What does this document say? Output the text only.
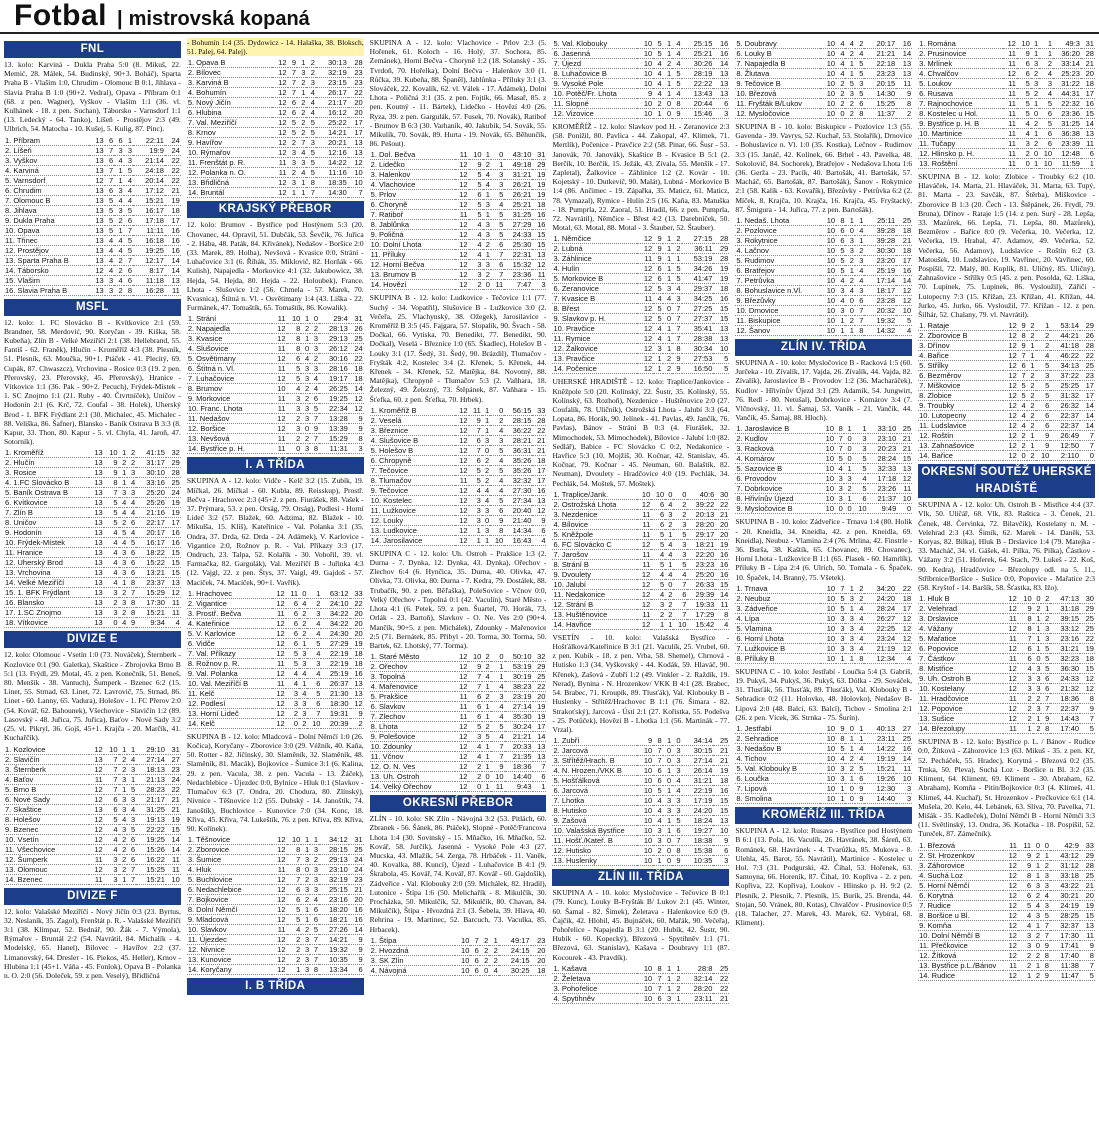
Fotbal | mistrovská kopaná
FNL

13. kolo: Karviná - Dukla Praha 5:0 (8. Mikuš, 22. Memić, 28. Málek, 54. Budinský, 90+3. Boháč), Sparta Praha B - Vlašim 1:0, Chrudim - Olomouc B 0:1, Jihlava - Slavia Praha B 1:0 (90+2. Vedral), Opava - Příbram 0:1 (68. z pen. Wagner), Vyškov - Vlašim 1:1 (36. vl. Kulhánek - 18. z pen. Suchan), Táborsko - Varnsdorf 1:1 (13. Ledecký - 64. Tanko), Líšeň - Prostějov 2:3 (49. Ulbrich, 54. Matocha - 10. Kušej, 5. Kulig, 87. Pinc).

1. Příbram	13	6	6	1	22:11	24
2. Líšeň	13	7	3	3	19:9	24
3. Vyškov	13	6	4	3	21:14	22
4. Karviná	13	7	1	5	24:18	22
5. Varnsdorf	12	7	1	4	20:14	22
6. Chrudim	13	6	3	4	17:12	21
7. Olomouc B	13	5	4	4	15:21	19
8. Jihlava	13	5	3	5	16:17	18
9. Dukla Praha	13	5	2	6	17:18	17
10. Opava	13	5	1	7	11:11	16
11. Třinec	13	4	4	5	16:18	16
12. Prostějov	13	4	4	5	19:25	16
13. Sparta Praha B	13	4	2	7	12:17	14
14. Táborsko	12	4	2	6	8:17	14
15. Vlašim	13	3	4	6	11:18	13
16. Slavia Praha B	13	3	2	8	16:28	11
MSFL

12. kolo: 1. FC Slovácko B - Kvítkovice 2:1 (59. Brandner, 58. Merdović, 90. Koryčan - 39. Kiška, 58. Kubeňa), Zlín B - Velké Meziříčí 2:1 (38. Hellebrand, 55. Fantiš - 62. Franěk), Hlučín - Kroměříž 4:3 (38. Plesník, 51. Plesník, 63. Moučka, 90+1. Ptáček - 41. Plecitý, 69. Cupák, 87. Chwaszcz), Vrchovina - Rosice 0:3 (19. 2 pen. Přerovský, 23. Přerovský, 45. Přerovský), Hranice - Vítkovice 1:1 (36. Pak - 90+2. Pecuch), Frýdek-Místek - 1. SC Znojmo 1:1 (21. Ruby - 40. Čtvrtníček), Uničov - Hodonín 2:1 (6. Krč, 72. Coufal - 38. Holek), Uherský Brod - 1. BFK Frýdlant 2:1 (30. Michalec, 45. Michalec - 88. Veliška, 86. Šafner), Blansko - Baník Ostrava B 3:3 (8. Kapur, 33. Thon, 80. Kapur - 5. vl. Chyla, 41. Jaroň, 47. Sotorník).

1. Kroměříž	13	10	1	2	41:15	32
2. Hlučín	13	9	2	2	31:17	29
3. Rosice	13	9	1	3	30:10	28
4. 1.FC Slovácko B	13	8	1	4	33:16	25
5. Baník Ostrava B	13	7	3	3	25:20	24
6. Kvítkovice	13	5	4	4	25:26	19
7. Zlín B	13	5	4	4	21:16	19
8. Uničov	13	5	2	6	22:17	17
9. Hodonín	13	4	5	4	20:17	16
10. Frýdek-Místek	13	4	4	5	16:17	16
11. Hranice	13	4	3	6	18:22	15
12. Uherský Brod	13	4	3	6	15:22	15
13. Vrchovina	13	4	3	6	13:21	15
14. Velké Meziříčí	13	4	1	8	23:37	13
15. 1. BFK Frýdlant	13	3	2	7	15:29	12
16. Blansko	13	2	3	8	17:30	11
17. 1.SC Znojmo	13	3	2	8	15:21	11
18. Vítkovice	13	0	4	9	9:34	4
DIVIZE E

12. kolo: Olomouc - Vsetín 1:0 (73. Nováček), Šternberk - Kozlovice 0:1 (90. Galetka), Skaštice - Zbrojovka Brno B 5:1 (13. Frýdl, 29. Motal, 45. z pen. Konečník, 51. Beneš, 80. Menšík - 38. Vantuch), Šumperk - Bzenec 6:2 (15. Linet, 55. Strnad, 63. Linet, 72. Lavrovič, 75. Strnad, 86. Linet - 60. Lanny, 65. Vadura), Holešov - 1. FC Přerov 2:0 (54. Kovář, 62. Bahounek), Všechovice - Slavičín 1:2 (89. Lasovský - 48. Juřica, 75. Juřica), Baťov - Nové Sady 3:2 (25. vl. Pikryl, 36. Gojš, 45+1. Krajča - 20. Marčík, 41. Kuchařčík).

1. Kozlovice	12	10	1	1	29:10	31
2. Slavičín	13	7	2	4	27:14	27
3. Šternberk	12	7	2	3	18:13	23
4. Baťov	11	7	3	1	21:13	24
5. Brno B	12	7	1	5	28:23	22
6. Nové Sady	12	6	3	3	21:17	21
7. Skaštice	13	6	3	4	31:25	21
8. Holešov	12	5	4	3	19:13	19
9. Bzenec	12	4	3	5	22:22	15
10. Vsetín	12	4	2	6	19:25	14
11. Všechovice	12	4	2	6	15:26	14
12. Šumperk	11	3	2	6	16:22	11
13. Olomouc	12	3	2	7	15:25	11
14. Bzenec	11	3	1	7	15:21	10
DIVIZE F

12. kolo: Valašské Meziříčí - Nový Jičín 0:3 (23. Byrtus, 32. Neslaník, 35. Zagol), Frenštát p. R. - Valašské Meziříčí 3:1 (38. Klimpar, 52. Bednář, 90. Žák - 7. Výmola), Rýmařov - Bruntál 2:2 (54. Navrátil, 84. Michalík - 4. Modelský, 65. Hanel), Bílovec - Havířov 2:2 (37. Limanovský, 64. Dresler - 16. Piekos, 45. Heller), Krnov - Hlubina 1:1 (45+1. Váňa - 45. Fonlok), Opava B - Polanka n. O. 2:0 (56. Doleček, 59. z pen. Veselý), Břidličná

- Bohumín 1:4 (35. Dydowicz - 14. Halaška, 38. Bloksch, 51. Palej, 64. Palej).

1. Opava B	12	9	1	2	30:13	28
2. Bílovec	12	7	3	2	32:19	23
3. Karviná B	12	7	2	3	23:15	23
4. Bohumín	12	7	1	4	26:17	22
5. Nový Jičín	12	6	2	4	21:17	20
6. Hlubina	12	6	2	4	16:12	20
7. Val. Meziříčí	12	5	2	5	25:22	17
8. Krnov	12	5	2	5	14:21	17
9. Havířov	12	2	7	3	20:21	13
10. Rýmařov	12	3	4	5	12:16	13
11. Frenštát p. R.	11	3	3	5	14:22	12
12. Polanka n. O.	11	2	4	5	11:16	10
13. Břidličná	12	3	1	8	18:35	10
14. Bruntál	12	1	1	7	14:30	7
KRAJSKÝ PŘEBOR

12. kolo: Brumov - Bystřice pod Hostýnem 5:3 (20. Chovanec, 44. Opravil, 51. Dubčák, 53. Ševčík, 76. Juřica - 2. Hába, 48. Paták, 84. Křivánek), Nedašov - Boršice 2:0 (33. Marek, 89. Holba), Nevšová - Kvasice 0:0, Strání - Luhačovice 3:1 (6. Říhák, 35. Miklovič, 82. Horňák - 66. Kulish), Napajedla - Morkovice 4:1 (32. Jakubowicz, 38. Hejda, 54. Hejda, 80. Hejda - 22. Holoubek), France. Lhota - Slušovice 1:2 (56. Chmela - 57. Marek, 70. Kvasnica), Štítná n. Vl. - Osvětimany 1:4 (43. Liška - 22. Furmánek, 47. Tomaštík, 65. Tomaštík, 86. Kowalik).

1. Strání	11	10	1	0	29:4	31
2. Napajedla	12	8	2	2	28:13	26
3. Kvasice	12	8	1	3	29:13	25
4. Slušovice	11	8	0	3	26:12	24
5. Osvětimany	12	6	4	2	30:16	22
6. Štítná n. Vl.	11	5	3	3	28:16	18
7. Luhačovice	12	5	3	4	19:17	18
8. Brumov	10	4	2	4	26:25	14
9. Morkovice	11	3	2	6	19:25	12
10. Franc. Lhota	11	3	3	5	22:34	12
11. Nedašov	12	2	3	7	13:28	9
12. Boršice	12	3	0	9	13:39	9
13. Nevšová	11	2	2	7	15:29	8
14. Bystřice p. H.	11	0	3	8	11:31	3
I. A TŘÍDA

SKUPINA A - 12. kolo: Vidče - Kelč 3:2 (15. Zubík, 19. Míčkal, 26. Míčkal - 60. Kubla, 89. Reisskup), Prostř. Bečva - Hrachovec 2:3 (45+2. z pen. Fiurášek, 88. Vašek - 37. Prýmara, 53. z pen. Orság, 79. Orság), Podlesí - Horní Lideč 3:2 (57. Blažek, 60. Adzima, 82. Blažek - 10. Mikulša, 15. Klíš), Kateřinice - Val. Polanka 3:1 (35. Ondra, 37. Drda, 62. Drda - 24. Adámek), V. Karlovice - Vigantice 2:0, Rožnov p. R. - Val. Příkazy 3:3 (17. Ondruch, 23. Talpa, 52. Kolařík - 30. Vobořil, 39. vl. Farmačka, 82. Gargulák), Val. Meziříčí B - Juřinka 4:3 (12. Vajgl, 22. z pen. Štys, 37. Vaigl, 49. Gajdoš - 57. Macíček, 74. Macíček, 90+1. Vavřík).

1. Hrachovec	12	11	0	1	63:12	33
2. Vigantice	12	6	4	2	24:10	22
3. Prostř. Bečva	11	6	2	3	34:22	20
4. Kateřinice	12	6	2	4	34:22	20
5. V. Karlovice	12	6	2	4	24:30	20
6. Vidče	12	6	1	5	27:29	19
7. Val. Příkazy	12	5	3	4	22:19	18
8. Rožnov p. R.	11	5	3	3	22:19	18
9. Val. Polanka	12	4	4	4	25:19	16
10. Val. Meziříčí B	11	4	1	6	26:37	13
11. Kelč	12	3	4	5	21:30	13
12. Podlesí	12	3	3	6	18:30	12
13. Horní Lideč	12	2	3	7	19:31	9
14. Kelč	12	0	2	10	20:39	2

SKUPINA B - 12. kolo: Mladcová - Dolní Němčí 1:0 (26. Kočica), Koryčany - Zborovice 3:0 (29. Véžník, 40. Kaňa, 50. Rotter - 82. Jičínský, 30. Slaměník, 32. Slaměník, 48. Slaměník, 81. Macák), Bojkovice - Šumice 3:1 (6. Kalina, 29. z pen. Vacula, 38. z pen. Vacula - 13. Žáček), Nedachlebice - Újezdec 0:0, Bylnice - Hluk 0:1 (Slavkov - Tlumačov 6:3 (7. Ondra, 20. Chodura, 80. Zlínský), Nivnice - Těšnovice 1:2 (55. Dubský - 14. Janoštík, 74. Janoštík), Buchlovice - Kunovice 7:0 (34. Konc, 18. Křiva, 45. Křiva, 74. Lukeštík, 76. z pen. Křiva, 89. Křiva, 90. Kořínek).

1. Těšnovice	12	10	1	1	34:12	31
2. Zborovice	12	8	1	3	28:15	25
3. Šumice	12	7	3	2	29:13	24
4. Hluk	11	8	0	3	23:10	24
5. Buchlovice	12	7	2	3	32:19	23
6. Nedachlebice	12	6	3	3	25:15	21
7. Bojkovice	12	6	2	4	23:16	20
8. Dolní Němčí	12	5	1	6	18:20	16
9. Mladcová	12	5	1	6	18:21	16
10. Slavkov	11	4	2	5	27:26	14
11. Újezdec	12	2	3	7	14:21	9
12. Nivnice	12	2	3	7	19:32	9
13. Kunovice	12	2	3	7	10:35	9
14. Koryčany	12	1	3	8	13:34	6
I. B TŘÍDA

SKUPINA A - 12. kolo: Vlachovice - Prlov 2:3 (5. Hořenek, 61. Koloch - 16. Holý, 37. Sochora, 85. Zemánek), Horní Bečva - Choryně 1:2 (18. Solanský - 35. Tvrdoň, 70. Hořelka), Dolní Bečva - Halenkov 3:0 (1. Růčka, 39. Kubeňa, 88. Španěl), Jablůnka - Příluky 3:1 (3. Slováček, 22. Kovalík, 62. vl. Válek - 17. Adámek), Dolní Lhota - Poličná 3:1 (35. z pen. Fojtík, 66. Masař, 85. z pen. Koutný - 11. Bártek), Lidečko - Hovězí 4:0 (26. Ryza, 39. z pen. Gargulák, 57. Fusek, 70. Novák), Ratiboř - Brumov B 6:3 (30. Varhaník, 40. Jakubík, 54. Sovák, 55. Mikulík, 70. Sovák, 89. Hurta - 19. Novák, 65. Běhunčík, 86. Pešout).

1. Dol. Bečva	11	10	1	0	43:10	31
2. Lidečko	12	9	2	1	49:18	29
3. Halenkov	12	5	4	3	31:21	19
4. Vlachovice	12	5	4	3	26:21	19
5. Prlov	12	6	1	5	26:21	19
6. Choryně	12	5	3	4	25:21	18
7. Ratiboř	11	5	1	5	31:25	16
8. Jablůnka	12	4	3	5	27:29	16
9. Poličná	12	4	3	5	24:33	15
10. Dolní Lhota	12	4	2	6	25:30	15
11. Příluky	12	4	1	7	22:31	13
12. Horní Bečva	12	3	3	6	15:32	12
13. Brumov B	12	3	2	7	23:36	11
14. Hovězí	12	2	0	11	7:47	3

SKUPINA B - 12. kolo: Ludkovice - Tečovice 1:1 (77. Suchý - 34. Vopatřil), Slušovice B - Lužkovice 3:0 (2. Večeřa, 25. Vlachynský, 38. Ožegek), Jarosilavice - Kroměříž B 3:5 (45. Fajgara, 57. Slopalík, 90. Švach - 58. Dočkal, 66. Vytiska, 70. Benedikt, 77. Benedikt, 90. Dočkal), Veselá - Březnice 1:0 (65. Škadlec), Holešov B - Louky 3:1 (17. Šedý, 31. Šedý, 90. Brázdil), Tlumačov - Fryšták 4:2, Kostelec 3:4 (2. Křenek, 5. Křenek, 44. Křenek - 34. Křenek, 52. Matějka, 84. Novotný, 88. Matějka), Chropyně - Tlumačov 5:3 (2. Vaňhara, 18. Železný, 49. Železný, 73. Štěpánek, 87. Vaňhara - 15. Šťefka, 60. z pen. Šťefka, 70. Hrbek).

1. Kroměříž B	12	11	1	0	56:15	33
2. Veselá	12	9	1	2	28:15	28
3. Březnice	12	7	1	4	36:22	22
4. Slušovice B	12	6	3	3	28:21	21
5. Holešov B	12	7	0	5	36:31	21
6. Chropyně	12	6	2	4	35:26	18
7. Tečovice	12	5	2	5	35:26	17
8. Tlumačov	11	5	2	4	32:32	17
9. Tečovice	12	4	4	4	27:30	16
10. Kostelec	12	3	4	5	27:34	13
11. Lužkovice	12	3	3	6	20:40	12
12. Louky	12	3	0	9	21:40	9
13. Ludkovice	12	1	3	8	14:34	6
14. Jarosilavice	12	1	1	10	16:43	4

SKUPINA C - 12. kolo: Uh. Ostroh - Prakšice 1:3 (2. Durna - 7. Dynka, 12. Dynka, 43. Dynka), Ořechov - Zlechov 6:4 (6. Hynčica, 35. Durna, 40. Olivka, 47. Olivka, 73. Olivka, 80. Durna - 7. Kedra, 79. Dostálek, 88. Trubačík, 90. z pen. Běľaška), PoleSovice - Včnov 0:0, Velký Ořechov - Topolná 0:1 (42. Vaculín), Staré Město - Lhota 4:1 (6. Petek, 59. z pen. Šuartel, 70. Horák, 73. Orlák - 23. Bartoň), Slavkov - O. Ne. Ves 2:0 (90+4. Mančík, 90+5. z pen. Michálek), Zdounky - Mařenovice 2:5 (71. Bernátek, 85. Přibyl - 20. Torma, 30. Torma, 50. Bartek, 62. Lhotský, 77. Torma).

1. Staré Město	12	10	2	0	50:10	32
2. Ořechov	12	9	2	1	53:19	29
3. Topolná	12	7	4	1	30:19	25
4. Mařenovice	12	7	1	4	38:23	22
5. Prakšice	11	6	2	3	23:19	20
6. Slavkov	11	6	1	4	27:14	19
7. Zlechov	11	6	1	4	35:30	19
8. Lhota	12	5	2	5	30:24	17
9. Polešovice	12	3	5	4	21:21	14
10. Zdounky	12	4	1	7	20:33	13
11. Včnov	12	4	1	7	21:35	13
12. O. N. Ves	12	2	1	9	18:36	7
13. Uh. Ostroh	12	2	0	10	14:40	6
14. Velký Ořechov	12	0	1	11	9:43	1
OKRESNÍ PŘEBOR

ZLÍN - 10. kolo: SK Zlín - Návojná 3:2 (53. Pitlách, 60. Zbranek - 56. Šánek, 86. Ptáček), Slopné - Potěč/Francova Lhota 1:4 (30. Sovinský - 15. Mňačko, 16. Mňačko, 52. Kovář, 58. Jurčík), Jasenná - Vysoké Pole 4:3 (27. Mucska, 43. Mlažík, 54. Zerga, 78. Hrbáček - 11. Vaněk, 40. Kovalka, 88. Kuncí), Újezd - Luhačovice B 4:1 (9. Škrabola, 45. Kovář, 74. Kovář, 87. Kovář - 60. Gajdošík), Zádveřice - Val. Klobouky 2:0 (59. Michálek, 82. Hradil), Lutonice - Štípa 1:6 (50. Melichařík - 8. Mikulčík, 30. Procházka, 50. Mikulčík, 52. Mikulčík, 80. Chavan, 84. Mikulčík), Štípa - Hvozdná 2:1 (3. Šebela, 39. Hlava, 40. Rehrina - 19. Martinec, 52. Barcuch, 73. Vaculka, 85. Hrbacek).

1. Štípa	10	7	2	1	49:17	23
2. Hvozdná	10	6	2	2	24:15	20
3. SK Zlín	10	6	2	2	24:15	20
4. Návojná	10	6	0	4	30:25	18
5. Val. Klobouky	10	5	1	4	25:15	16
6. Jasenná	10	5	1	4	25:21	16
7. Újezd	10	4	2	4	30:26	14
8. Luhačovice B	10	4	1	5	28:19	13
9. Vysoké Pole	10	4	1	5	22:22	13
10. Potěč/Fr. Lhota	9	4	1	4	13:43	13
11. Slopné	10	2	0	8	20:44	6
12. Vizovice	10	1	0	9	15:46	3

KROMĚŘÍŽ - 12. kolo: Slavkov pod H. - Zeranovice 2:3 (58. Ponížil, 80. Pavlica - 44. Zakopal, 47. Klimek, 71. Mertlík), Počenice - Pravčice 2:2 (58. Pinar, 66. Šusr - 53. Janovák, 70. Janovák), Skaštice B - Kvasice B 5:1 (2. Berčík, 10. Berčík, 15. Ježák, 43. Zívala, 55. Menšík - 17. Zapletal), Žalkovice - Záhlinice 1:2 (2. Kovár - 10. Kojetský - 10. Dutkevič, 90. Malát), Lubná - Morkovice B 1:4 (86. Ančimec - 19. Zápařka, 35. Maticz, 61. Maticz, 78. Vymazal), Rymice - Hulín 2:5 (16. Kaňa, 83. Matuška - 18. Pumprla, 22. Zaoral, 51. Hradil, 66. z pen. Pumprla, 72. Navrátil), Němčice - Břest 4:2 (13. Darebníček, 50. Motal, 63. Motal, 88. Motal - 3. Štauber, 52. Štauber).

1. Němčice	12	9	1	2	27:15	28
2. Lubná	12	9	1	2	36:11	29
3. Záhlinice	11	9	1	1	53:19	28
4. Hulín	12	6	1	5	34:26	19
5. Morkovice B	12	6	1	5	41:47	19
6. Zeranovice	12	5	3	4	29:37	18
7. Kvasice B	11	4	4	3	34:25	16
8. Břest	12	5	0	7	27:25	15
9. Slavkov p. H.	12	5	0	7	27:37	15
10. Pravčice	12	4	1	7	35:41	13
11. Rymice	12	4	1	7	28:38	13
12. Žalkovice	12	3	1	8	30:34	10
13. Pravčice	12	1	2	9	27:53	5
14. Počenice	12	1	2	9	16:50	5

UHERSKÉ HRADIŠTĚ - 12. kolo: Traplice/Jankovice - Kněžpole 5:0 (20. Kolínský, 22. Šustr, 35. Kolínský, 55. Kolínský, 63. Rozhoň), Nezdenice - Huštěnovice 2:0 (27. Coufalík, 78. Uličník), Ostrožská Lhota - Jalubí 3:3 (64. Lopata, 86. Horák, 90. Jelínek - 41. Pavlas, 49. Jančík, 76. Pavlas), Bánov - Strání B 0:3 (4. Fiurášek, 32. Mimochodek, 53. Mimochodek), Bílovice - Jalubí 1:0 (82. Sedlář), Babice - FC Slovácko C 0:2, Nedakonice - Havřice 5:3 (10. Mojžíš, 30. Kočnar, 42. Stanislav, 45. Kočnar, 79. Kočnar - 45. Neuman, 60. Balaštík, 82. Neuman), Dvoulety - Hradčovice 4:0 (19. Pechlák, 34. Pechlák, 54. Moštek, 57. Moštek).

1. Traplice/Jank.	10	10	0	0	40:6	30
2. Ostrožská Lhota	12	6	4	2	39:22	22
3. Nezdenice	11	6	3	2	20:13	21
4. Bílovice	11	6	2	3	28:20	20
5. Kněžpole	11	5	1	5	29:17	20
6. FC Slovácko C	12	5	4	3	18:21	19
7. Jarošov	11	4	4	3	22:20	16
8. Strání B	11	5	1	5	23:23	16
9. Dvoulety	12	4	4	4	25:20	16
10. Jalubí	12	5	0	7	26:33	15
11. Nedakonice	12	4	2	6	29:39	14
12. Strání B	12	3	2	7	19:33	11
13. Huštěnovice	11	2	2	7	17:29	8
14. Havřice	12	1	1	10	15:42	4

VSETÍN - 10. kolo: Valašská Bystřice - Hošťálková/Kateřinice B 3:1 (21. Vaculík, 25. Vrubel, 60. z pen. Kubík - 18. z pen. Vrba, 58. Shemel), Chrnová - Hutisko 1:3 (34. Vyškovský - 44. Kodák, 59. Hlaváč, 90. Křenek), Zašová - Zubří 1:2 (49. Vinkler - 2. Raždík, 19. Nerad), Bynina - N. Hrozenkov/ VKK B 4:1 (28. Brabec, 54. Brabec, 71. Kroupík, 89. Tlusťák), Val. Klobouky B - Huslenky - Střítěž/Hrachovec B 1:1 (76. Šimara - 82. Strakoťský), Jarcová - Ústí 2:1 (27. Kořistka, 55. Podešva - 25. Potůček), Hovězí B - Lhotka 1:1 (56. Martinák - 77. Vrzal).

1. Zubří	9	8	1	0	34:14	25
2. Jarcová	10	7	0	3	30:15	21
3. Střítěž/Hrach. B	10	7	0	3	27:14	21
4. N. Hrozen./VKK B	10	6	1	3	26:14	19
5. Hošťálková	10	6	0	4	31:21	18
6. Jarcová	10	5	1	4	22:19	16
7. Lhotka	10	4	3	3	17:19	15
8. Hutisko	10	4	3	3	24:20	15
9. Zašová	10	4	1	5	18:24	13
10. Valašská Bystřice	10	3	1	6	19:27	10
11. Hošť./Kateř. B	10	3	0	7	18:38	9
12. Hutisko	10	2	0	8	15:38	6
13. Huslenky	10	1	0	9	10:35	3
ZLÍN III. TŘÍDA

SKUPINA A - 10. kolo: Mysločovice - Tečovice B 0:1 (79. Kunc), Louky B-Fryšták B/ Lukov 2:1 (45. Winter, 60. Šamal - 82. Šimek), Želetava - Halenkovice 6:0 (9. Čajčik, 42. Hlobil, 45. Bujnáček, 60. Mařák, 90. Večeřa), Pohořelice - Napajedla B 3:1 (20. Hubík, 42. Šustr, 90. Hubík - 60. Kopecký), Březová - Spytihněv 1:1 (71. Březová, 63. Stanislav), Kašava - Doubravy 1:1 (87. Kocourek - 43. Pravdík).

1. Kašava	10	8	1	1	28:8	25
2. Želetava	10	7	1	2	32:14	22
3. Pohořelice	10	7	1	2	28:20	22
4. Spytihněv	10	6	3	1	23:11	21
5. Doubravy	10	4	4	2	20:17	16
6. Louky B	10	4	2	4	21:21	14
7. Napajedla B	10	4	1	5	22:18	13
8. Žlutava	10	4	1	5	23:23	13
9. Tečovice B	10	2	5	3	20:15	11
10. Březová	10	2	3	5	14:30	9
11. Fryšták B/Lukov	10	2	2	6	15:25	8
12. Mysločovice	10	0	2	8	11:37	2

SKUPINA B - 10. kolo: Biskupice - Pozlovice 1:3 (55. Gavenda - 39. Vavrys, 52. Kuchař, 53. Stolařík), Drnovice - Bohuslavice n. Vl. 1:0 (35. Kostka), Lečnov - Rudimov 3:3 (15. Janáč, 42. Kolínek, 66. Brhel - 43. Pavelka, 48. Sokolovič, 84. Sochorek), Bratřejov - Nedašova Lhota 1:6 (36. Gerža - 23. Pacík, 40. Bartošák, 41. Bartošák, 57. Macháč, 65. Bartošák, 87. Bartošák), Šanov - Rokytnice 2:1 (58. Kalík - 63. Kovařík), Březůvky - Petrůvka 6:2 (2. Míček, 8. Krajča, 10. Krajča, 16. Krajča, 45. Fryštacký, 87. Šmigura - 14. Juřica, 77. z pen. Bartošák).

1. Nedaš. Lhota	10	8	1	1	25:11	25
2. Pozlovice	10	6	0	4	39:28	18
3. Rokytnice	10	6	3	1	39:28	21
4. Lačnov	10	5	3	2	30:30	18
5. Rudimov	10	5	2	3	23:20	17
6. Bratřejov	10	5	1	4	25:19	16
7. Petrůvka	10	4	2	4	17:14	14
8. Bohuslavice n.Vl.	10	3	4	3	18:17	12
9. Březůvky	10	4	0	6	23:28	12
10. Drnovice	10	3	0	7	20:32	10
11. Biskupice	10	1	2	7	19:32	5
12. Šanov	10	1	1	8	14:32	4
ZLÍN IV. TŘÍDA

SKUPINA A - 10. kolo: Mysločovice B - Racková 1:5 (60. Jurčeka - 10. Zívalík, 17. Vajda, 26. Zívalík, 44. Vajda, 82. Zívalík), Jaroslavice B - Provodov 1:2 (36. Macharáček), Kudlov - Hřivínův Újezd 3:1 (29. Adamík, 54. Jungwirt, 76. Redl - 80. Netušal), Dobrkovice - Komárov 3:4 (7. Vlčnovský, 11. vl. Šamaj, 53. Vaněk - 21. Vančík, 44. Vančík, 45. Šamaj, 88. Hloch).

1. Jaroslavice B	10	8	1	1	33:10	25
2. Kudlov	10	7	0	3	23:10	21
3. Racková	10	7	0	3	20:23	21
4. Komárov	10	5	0	5	28:24	15
5. Sazovice B	10	4	1	5	32:33	13
6. Provodov	10	3	3	4	17:18	12
7. Dobrkovice	10	3	2	5	23:26	11
8. Hřivínův Újezd	10	3	1	6	21:37	10
9. Mysločovice B	10	0	0	10	9:49	0

SKUPINA B - 10. kolo: Zádveřice - Trnava 1:4 (80. Holík - 20. Kneidla, 34. Kneidla, 42. z pen. Kneidla, 69. Kneidla), Neubuz - Vlamina 2:4 (76. Mrlina, 42. Finstrle - 36. Burša, 38. Kaštík, 65. Chovanec, 89. Chovanec), Horní Lhota - Lužkovice B 1:1 (65. Plasek - 60. Hamrlík), Příluky B - Lípa 2:4 (6. Ulrich, 50. Tomala - 6. Špaček, 10. Špaček, 14. Branný, 75. Všetek).

1. Trnava	10	7	1	2	34:20	22
2. Neubuz	10	5	3	2	24:20	18
3. Zádveřice	10	5	1	4	28:24	17
4. Lípa	10	3	3	4	26:27	12
5. Vlamina	10	3	3	4	22:25	12
6. Horní Lhota	10	3	3	4	23:24	12
7. Lužkovice B	10	3	3	4	21:19	12
8. Příluky B	10	1	1	8	12:34	4

SKUPINA C - 10. kolo: Jestřabí - Loučka 5:4 (3. Gabriš, 19. Pukyš, 34. Pukyš, 36. Pukyš, 63. Dólka - 29. Sováček, 31. Tlusťák, 56. Tlusťák, 89. Tlusťák), Val. Klobouky B - Sehradice 0:2 (11. Holovko, 48. Holovko), Nedašov B-Lipová 2:0 (48. Balcí, 63. Balcí), Tichov - Smolina 2:1 (26. z pen. Vícek, 36. Strnka - 75. Šurín).

1. Jestřabí	10	9	0	1	40:13	27
2. Sehradice	10	8	1	1	23:11	25
3. Nedašov B	10	5	1	4	14:22	16
4. Tichov	10	4	2	4	19:19	14
5. Val. Klobouky B	10	3	2	5	15:21	11
6. Loučka	10	3	1	6	19:26	10
7. Lipová	10	1	0	9	12:30	3
8. Smolina	10	1	0	9	14:40	3
KROMĚŘÍŽ III. TŘÍDA

SKUPINA A - 12. kolo: Rusava - Bystřice pod Hostýnem B 6:1 (13. Pola, 16. Vaculík, 26. Havránek, 38. Šáreň, 63. Románek, 68. Havránek - 4. Tvarůžka, 85. Mukova - 8. Ulehla, 45. Barot, 55. Navrátil), Martinice - Kostelec u Hol. 7:3 (31. Podgurski, 42. Čihal, 53. Hořenek, 63. Samoyna, 66. Horeník, 87. Čihal, 10. Kopřiva - 2. z pen. Kopřiva, 22. Kopřiva), Loukov - Hlinsko p. H. 9:2 (2. Plesník, 2. Plesník, 7. Plesník, 15. Burík, 25. Brenda, 44. Stojan, 50. Vránek, 80. Kotas), Chvalčov - Prusinovice 0:5 (18. Talacher, 27. Marek, 43. Marek, 62. Vybíral, 68. Kliment).

1. Romána	12	10	1	1	49:3	31
2. Prusinovice	11	9	1	1	36:20	28
3. Mrlínek	11	6	3	2	33:14	21
4. Chvalčov	12	6	2	4	25:23	20
5. Loukov	11	5	3	3	31:22	18
6. Rusava	11	5	2	4	44:31	17
7. Rajnochovice	11	5	1	5	22:32	16
8. Kostelec u Hol.	11	5	0	6	23:36	15
9. Bystřice p. H. B	11	4	2	5	31:25	14
10. Martinice	11	4	1	6	36:38	13
11. Tučapy	11	3	2	6	23:39	11
12. Hlinsko p. H.	11	2	0	10	12:48	6
13. Roštění	11	0	1	10	11:59	1

SKUPINA B - 12. kolo: Zlobice - Troubky 6:2 (10. Hlaváček, 14. Marta, 21. Hlaváček, 31. Marta, 63. Tupý, 81. Marta - 23. Savčák, 87. Štěrba), Miškovice - Zborovice B 1:3 (20. Čech - 13. Štěpánek, 26. Frydl, 79. Bruna), Dřínov - Rataje 1:5 (14. z pen. Surý - 28. Lepša, 33. Mazůrek, 66. Lepša, 71. Lepša, 80. Mazůrek), Bezměrov - Bařice 8:0 (9. Večerka, 10. Večerka, 12. Večerka, 19. Hrabal, 47. Adamov, 49. Večerka, 52. Večerka, 56. Adamov), Ludslavice - Roštín 6:2 (3. Matoušek, 10. Ludslavice, 19. Vavřinec, 20. Vavřinec, 60. Pospíšil, 72. Malý, 80. Koplík, 81. Uličný, 85. Uličný), Zahnašovice - Střílky 0:5 (45. z pen. Posolda, 62. Liška, 70. Lupínek, 75. Lupínek, 86. Vysloužil), Zářičí - Lutopecny 7:3 (15. Křížan, 23. Křížan, 41. Křížan, 44. Jurko, 45. Jurko, 66. Vysloužil, 77. Křížan - 12. z pen. Šilhár, 52. Chalany, 79. vl. Navrátil).

1. Rataje	12	9	2	1	53:14	29
2. Zborovice B	12	8	2	2	44:21	26
3. Dřínov	12	9	1	2	41:18	28
4. Bařice	12	7	1	4	46:22	22
5. Střílky	12	6	1	5	34:13	25
6. Bezměrov	12	7	2	3	37:22	23
7. Miškovice	12	5	2	5	25:25	17
8. Zlobice	12	5	2	5	31:32	17
9. Troubky	12	4	2	6	26:32	14
10. Lutopecny	12	4	2	6	22:37	14
11. Ludslavice	12	4	2	6	22:37	14
12. Roštín	12	2	1	9	26:49	7
13. Zahnašovice	12	2	1	9	12:50	7
14. Bařice	12	0	2	10	2:110	0
OKRESNÍ SOUTĚŽ UHERSKÉ HRADIŠTĚ

SKUPINA A - 12. kolo: Uh. Ostroh B - Mistřice 4:4 (37. Vlk, 50. Uličář, 68. Vlk, 83. Raštica - 3. Čenek, 21. Čenek, 48. Červinka, 72. Bilavčík), Kostelany n. M. - Velehrad 2:3 (43. Šimík, 62. Marek - 14. Daněk, 53. Koryas, 82. Bilka), Hluk B - Drslavice 1:4 (79. Matejka - 33. Macháč, 34. vl. Gášek, 41. Pilka, 76. Pilka), Částkov - Vážany 3:2 (51. Hoferek, 64. Stach, 79. Lukeš - 22. Koš, 90. Kedra), Hradčovice - Březolupy odl. na 5. 11., Stříbrnice/Boršice - Sušice 0:0, Popovice - Mařatice 2:3 (58. Kryštof - 14. Baršík, 58. Šťastka, 83. Ižo).

1. Hluk B	12	10	0	2	47:13	30
2. Velehrad	12	9	2	1	31:18	29
3. Drslavice	11	8	1	2	39:15	25
4. Vážany	12	8	1	3	33:12	25
5. Mařatice	11	7	1	3	23:16	22
6. Popovice	12	6	1	5	31:21	19
7. Částkov	11	6	0	5	32:23	18
8. Mistřice	12	4	3	5	36:30	15
9. Uh. Ostroh B	12	3	3	6	24:33	12
10. Kostelany	12	3	3	6	21:32	12
11. Hradčovice	11	2	2	7	18:36	8
12. Popovice	12	2	3	7	22:37	9
13. Sušice	12	2	1	9	14:43	7
14. Březolupy	11	1	2	8	17:40	5

SKUPINA B - 12. kolo: Bystřice p. L. / Bánov - Rudice 0:0, Žítková - Záhorovice 1:3 (63. Mikuš - 35. z pen. Kř, 52. Pecháček, 55. Hradec), Korytná - Březová 0:2 (35. Trnka, 50. Pleva), Suchá Loz - Boršice u Bl. 3:2 (35. Kliment, 64. Kliment, 69. Kliment - 30. Abraham, 62. Abraham), Komňa - Pitín/Bojkovice 0:3 (4. Klimeš, 41. Klimeš, 44. Kuchař), St. Hrozenkov - Prečkovice 6:1 (14. Mušela, 20. Kelo, 44. Lebánek, 63. Slíva, 70. Pavelka, 71. Mišák - 35. Kadleček), Dolní Němčí B - Horní Němčí 3:3 (11. Světlinský, 13. Ondra, 36. Kotačka - 18. Pospíšil, 52. Tureček, 87. Zámečník).

1. Březová	11	11	0	0	42:9	33
2. St. Hrozenkov	12	9	2	1	43:12	29
3. Záhorovice	12	9	1	2	31:12	28
4. Suchá Loz	12	8	1	3	33:18	25
5. Horní Němčí	12	6	3	3	43:22	21
6. Korytná	12	6	2	4	30:21	20
7. Rudice	12	5	4	3	24:19	19
8. Boršice u Bl.	12	4	3	5	28:25	15
9. Komňa	12	4	1	7	32:37	13
10. Dolní Němčí B	12	3	2	7	17:30	11
11. Přečkovice	12	3	0	9	17:41	9
12. Žítková	12	2	2	8	17:40	8
13. Bystřice p.L./Bánov	11	2	1	8	11:38	7
14. Rudice	12	1	2	9	11:47	5
